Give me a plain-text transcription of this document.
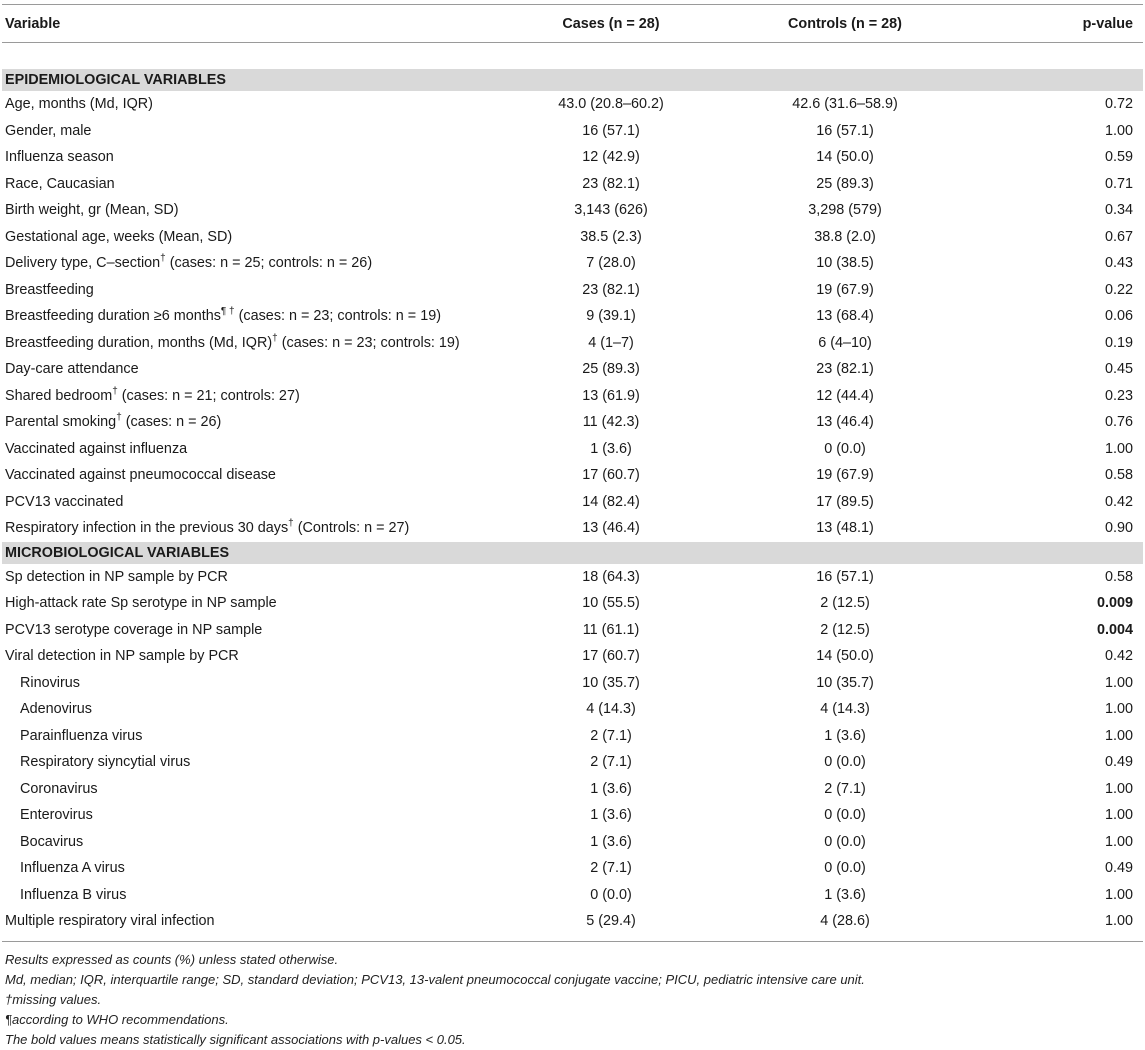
Variable	Cases (n = 28)	Controls (n = 28)	p-value

EPIDEMIOLOGICAL VARIABLES			
Age, months (Md, IQR)	43.0 (20.8–60.2)	42.6 (31.6–58.9)	0.72
Gender, male	16 (57.1)	16 (57.1)	1.00
Influenza season	12 (42.9)	14 (50.0)	0.59
Race, Caucasian	23 (82.1)	25 (89.3)	0.71
Birth weight, gr (Mean, SD)	3,143 (626)	3,298 (579)	0.34
Gestational age, weeks (Mean, SD)	38.5 (2.3)	38.8 (2.0)	0.67
Delivery type, C–section† (cases: n = 25; controls: n = 26)	7 (28.0)	10 (38.5)	0.43
Breastfeeding	23 (82.1)	19 (67.9)	0.22
Breastfeeding duration ≥6 months¶ † (cases: n = 23; controls: n = 19)	9 (39.1)	13 (68.4)	0.06
Breastfeeding duration, months (Md, IQR)† (cases: n = 23; controls: 19)	4 (1–7)	6 (4–10)	0.19
Day-care attendance	25 (89.3)	23 (82.1)	0.45
Shared bedroom† (cases: n = 21; controls: 27)	13 (61.9)	12 (44.4)	0.23
Parental smoking† (cases: n = 26)	11 (42.3)	13 (46.4)	0.76
Vaccinated against influenza	1 (3.6)	0 (0.0)	1.00
Vaccinated against pneumococcal disease	17 (60.7)	19 (67.9)	0.58
PCV13 vaccinated	14 (82.4)	17 (89.5)	0.42
Respiratory infection in the previous 30 days† (Controls: n = 27)	13 (46.4)	13 (48.1)	0.90
MICROBIOLOGICAL VARIABLES			
Sp detection in NP sample by PCR	18 (64.3)	16 (57.1)	0.58
High-attack rate Sp serotype in NP sample	10 (55.5)	2 (12.5)	0.009
PCV13 serotype coverage in NP sample	11 (61.1)	2 (12.5)	0.004
Viral detection in NP sample by PCR	17 (60.7)	14 (50.0)	0.42
Rinovirus	10 (35.7)	10 (35.7)	1.00
Adenovirus	4 (14.3)	4 (14.3)	1.00
Parainfluenza virus	2 (7.1)	1 (3.6)	1.00
Respiratory siyncytial virus	2 (7.1)	0 (0.0)	0.49
Coronavirus	1 (3.6)	2 (7.1)	1.00
Enterovirus	1 (3.6)	0 (0.0)	1.00
Bocavirus	1 (3.6)	0 (0.0)	1.00
Influenza A virus	2 (7.1)	0 (0.0)	0.49
Influenza B virus	0 (0.0)	1 (3.6)	1.00
Multiple respiratory viral infection	5 (29.4)	4 (28.6)	1.00
Results expressed as counts (%) unless stated otherwise.
Md, median; IQR, interquartile range; SD, standard deviation; PCV13, 13-valent pneumococcal conjugate vaccine; PICU, pediatric intensive care unit.
†missing values.
¶according to WHO recommendations.
The bold values means statistically significant associations with p-values < 0.05.
